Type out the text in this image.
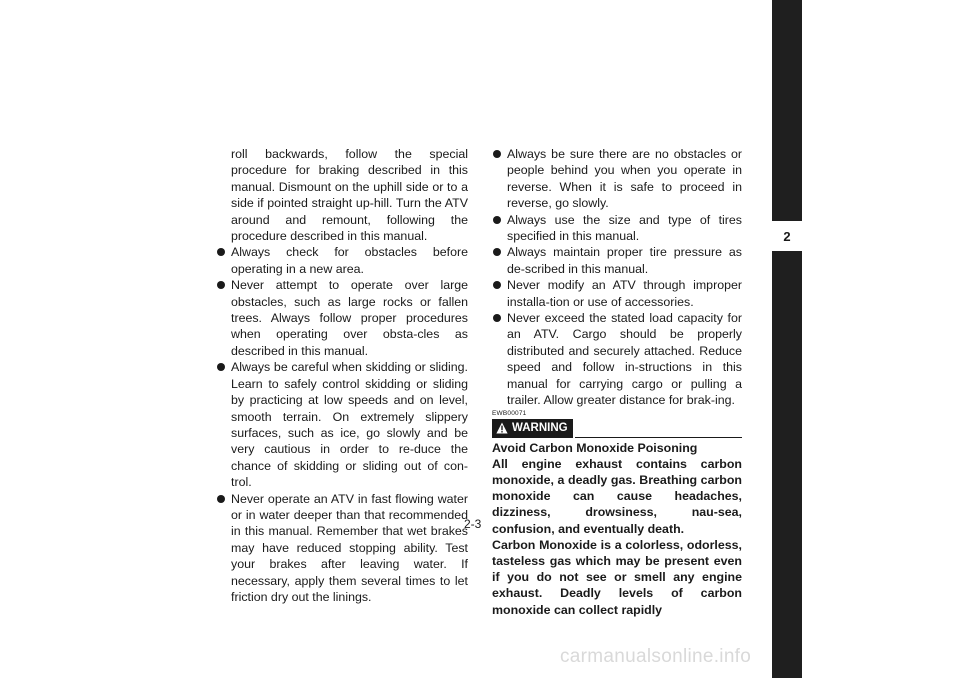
roll backwards, follow the special procedure for braking described in this manual. Dismount on the uphill side or to a side if pointed straight up-hill. Turn the ATV around and remount, following the procedure described in this manual.

Always check for obstacles before operating in a new area.

Never attempt to operate over large obstacles, such as large rocks or fallen trees. Always follow proper procedures when operating over obsta-cles as described in this manual.

Always be careful when skidding or sliding. Learn to safely control skidding or sliding by practicing at low speeds and on level, smooth terrain. On extremely slippery surfaces, such as ice, go slowly and be very cautious in order to re-duce the chance of skidding or sliding out of con-trol.

Never operate an ATV in fast flowing water or in water deeper than that recommended in this manual. Remember that wet brakes may have reduced stopping ability. Test your brakes after leaving water. If necessary, apply them several times to let friction dry out the linings.

Always be sure there are no obstacles or people behind you when you operate in reverse. When it is safe to proceed in reverse, go slowly.

Always use the size and type of tires specified in this manual.

Always maintain proper tire pressure as de-scribed in this manual.

Never modify an ATV through improper installa-tion or use of accessories.

Never exceed the stated load capacity for an ATV. Cargo should be properly distributed and securely attached. Reduce speed and follow in-structions in this manual for carrying cargo or pulling a trailer. Allow greater distance for brak-ing.

EWB00071
WARNING

Avoid Carbon Monoxide Poisoning

All engine exhaust contains carbon monoxide, a deadly gas. Breathing carbon monoxide can cause headaches, dizziness, drowsiness, nau-sea, confusion, and eventually death.

Carbon Monoxide is a colorless, odorless, tasteless gas which may be present even if you do not see or smell any engine exhaust. Deadly levels of carbon monoxide can collect rapidly

2
2-3
carmanualsonline.info
